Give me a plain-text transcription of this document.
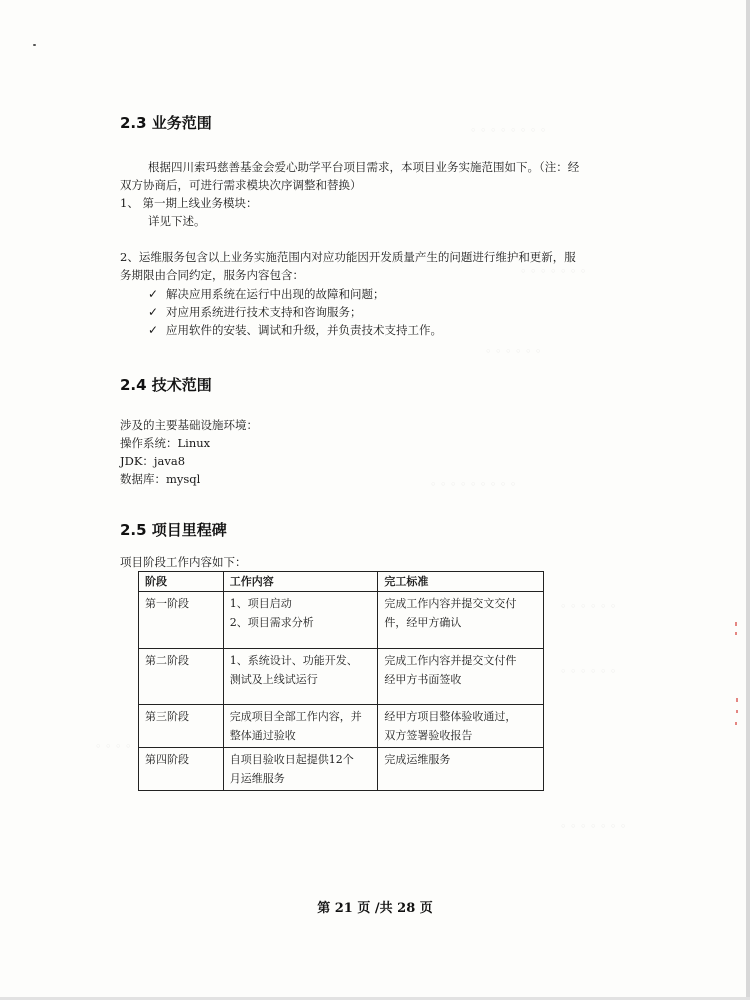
◦ ◦ ◦ ◦ ◦ ◦ ◦ ◦
◦ ◦ ◦ ◦ ◦ ◦ ◦
◦ ◦ ◦ ◦ ◦ ◦
◦ ◦ ◦ ◦ ◦ ◦ ◦ ◦ ◦
◦ ◦ ◦ ◦ ◦ ◦
◦ ◦ ◦ ◦ ◦ ◦
◦ ◦ ◦ ◦
◦ ◦ ◦ ◦ ◦ ◦ ◦
2.3 业务范围
根据四川索玛慈善基金会爱心助学平台项目需求，本项目业务实施范围如下。（注：经
双方协商后，可进行需求模块次序调整和替换）
1、 第一期上线业务模块：
详见下述。
2、运维服务包含以上业务实施范围内对应功能因开发质量产生的问题进行维护和更新，服
务期限由合同约定，服务内容包含：
✓ 解决应用系统在运行中出现的故障和问题；
✓ 对应用系统进行技术支持和咨询服务；
✓ 应用软件的安装、调试和升级，并负责技术支持工作。
2.4 技术范围
涉及的主要基础设施环境：
操作系统：Linux
JDK：java8
数据库：mysql
2.5 项目里程碑
项目阶段工作内容如下：
阶段	工作内容	完工标准
第一阶段	1、项目启动
2、项目需求分析	完成工作内容并提交文交付
件，经甲方确认

第二阶段	1、系统设计、功能开发、
测试及上线试运行	完成工作内容并提交文付件
经甲方书面签收

第三阶段	完成项目全部工作内容，并
整体通过验收	经甲方项目整体验收通过，
双方签署验收报告

第四阶段	自项目验收日起提供12个
月运维服务	完成运维服务
第 21 页 /共 28 页
